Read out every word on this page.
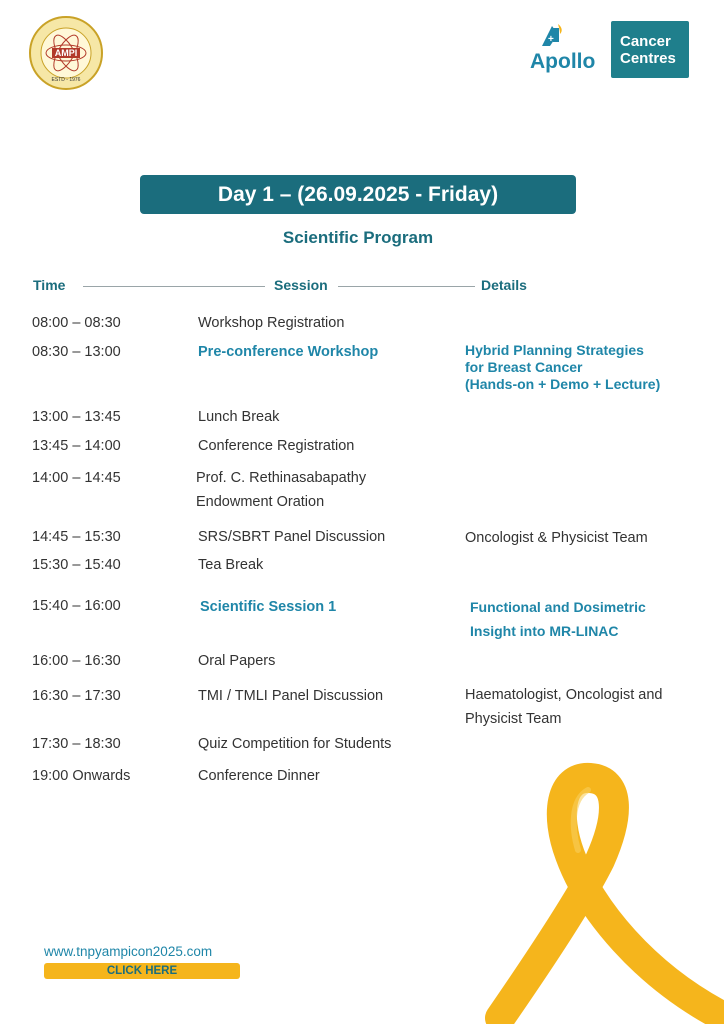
AMPI
ESTD - 1976
+
Apollo
Cancer
Centres
Day 1 – (26.09.2025 - Friday)
Scientific Program
Time	Session	Details
08:00 – 08:30	Workshop Registration
08:30 – 13:00	Pre-conference Workshop	Hybrid Planning Strategies
for Breast Cancer
(Hands-on + Demo + Lecture)
13:00 – 13:45	Lunch Break
13:45 – 14:00	Conference Registration
14:00 – 14:45	Prof. C. Rethinasabapathy
Endowment Oration
14:45 – 15:30	SRS/SBRT Panel Discussion	Oncologist & Physicist Team
15:30 – 15:40	Tea Break
15:40 – 16:00	Scientific Session 1	Functional and Dosimetric
Insight into MR-LINAC
16:00 – 16:30	Oral Papers
16:30 – 17:30	TMI / TMLI Panel Discussion	Haematologist, Oncologist and
Physicist Team
17:30 – 18:30	Quiz Competition for Students
19:00 Onwards	Conference Dinner
www.tnpyampicon2025.com
CLICK HERE
